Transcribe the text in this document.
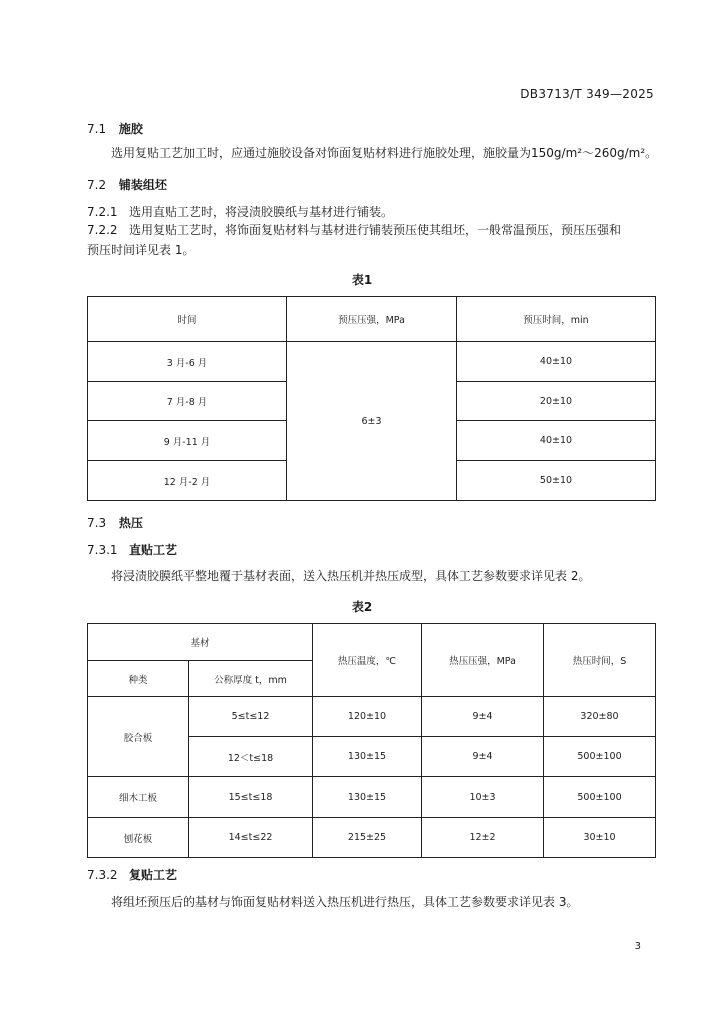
DB3713/T 349—2025
7.1 施胶
选用复贴工艺加工时，应通过施胶设备对饰面复贴材料进行施胶处理，施胶量为150g/m²～260g/m²。
7.2 铺装组坯
7.2.1 选用直贴工艺时，将浸渍胶膜纸与基材进行铺装。
7.2.2 选用复贴工艺时，将饰面复贴材料与基材进行铺装预压使其组坯，一般常温预压，预压压强和
预压时间详见表 1。
表1
时间	预压压强，MPa	预压时间，min
3 月-6 月	6±3	40±10
7 月-8 月		20±10
9 月-11 月		40±10
12 月-2 月		50±10
7.3 热压
7.3.1 直贴工艺
将浸渍胶膜纸平整地覆于基材表面，送入热压机并热压成型，具体工艺参数要求详见表 2。
表2
基材		热压温度，℃	热压压强，MPa	热压时间，S
种类	公称厚度 t，mm			
胶合板	5≤t≤12	120±10	9±4	320±80
	12＜t≤18	130±15	9±4	500±100
细木工板	15≤t≤18	130±15	10±3	500±100
刨花板	14≤t≤22	215±25	12±2	30±10
7.3.2 复贴工艺
将组坯预压后的基材与饰面复贴材料送入热压机进行热压，具体工艺参数要求详见表 3。
3
